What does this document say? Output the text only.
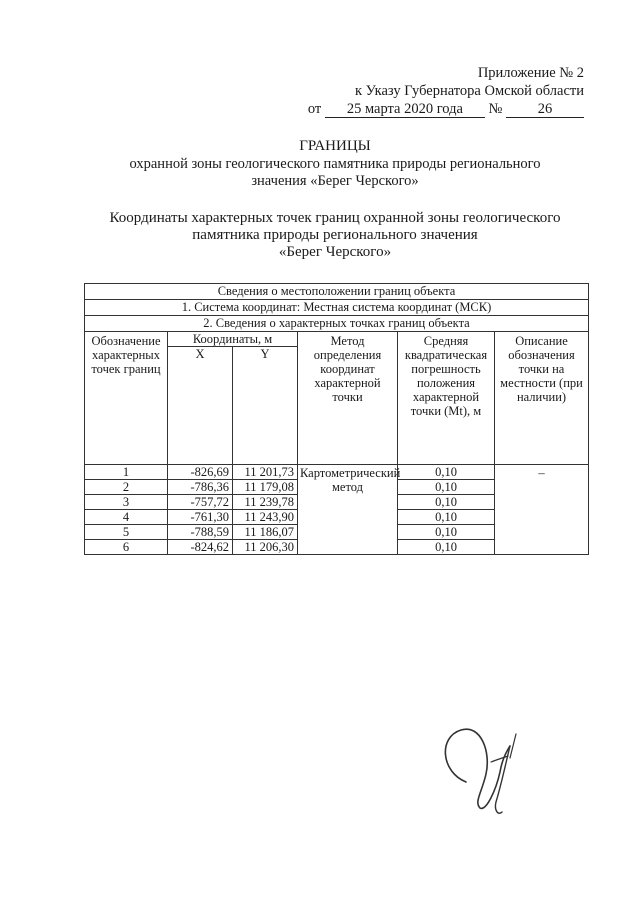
Приложение № 2
к Указу Губернатора Омской области
от 25 марта 2020 года № 26
ГРАНИЦЫ
охранной зоны геологического памятника природы регионального
значения «Берег Черского»
Координаты характерных точек границ охранной зоны геологического
памятника природы регионального значения
«Берег Черского»
Сведения о местоположении границ объекта					
1. Система координат: Местная система координат (МСК)					
2. Сведения о характерных точках границ объекта					
Обозначение характерных точек границ	Координаты, м		Метод определения координат характерной точки	Средняя квадратическая погрешность положения характерной точки (Mt), м	Описание обозначения точки на местности (при наличии)
	X	Y			
1	-826,69	11 201,73	Картометрический метод	0,10	–
2	-786,36	11 179,08		0,10	
3	-757,72	11 239,78		0,10	
4	-761,30	11 243,90		0,10	
5	-788,59	11 186,07		0,10	
6	-824,62	11 206,30		0,10	
